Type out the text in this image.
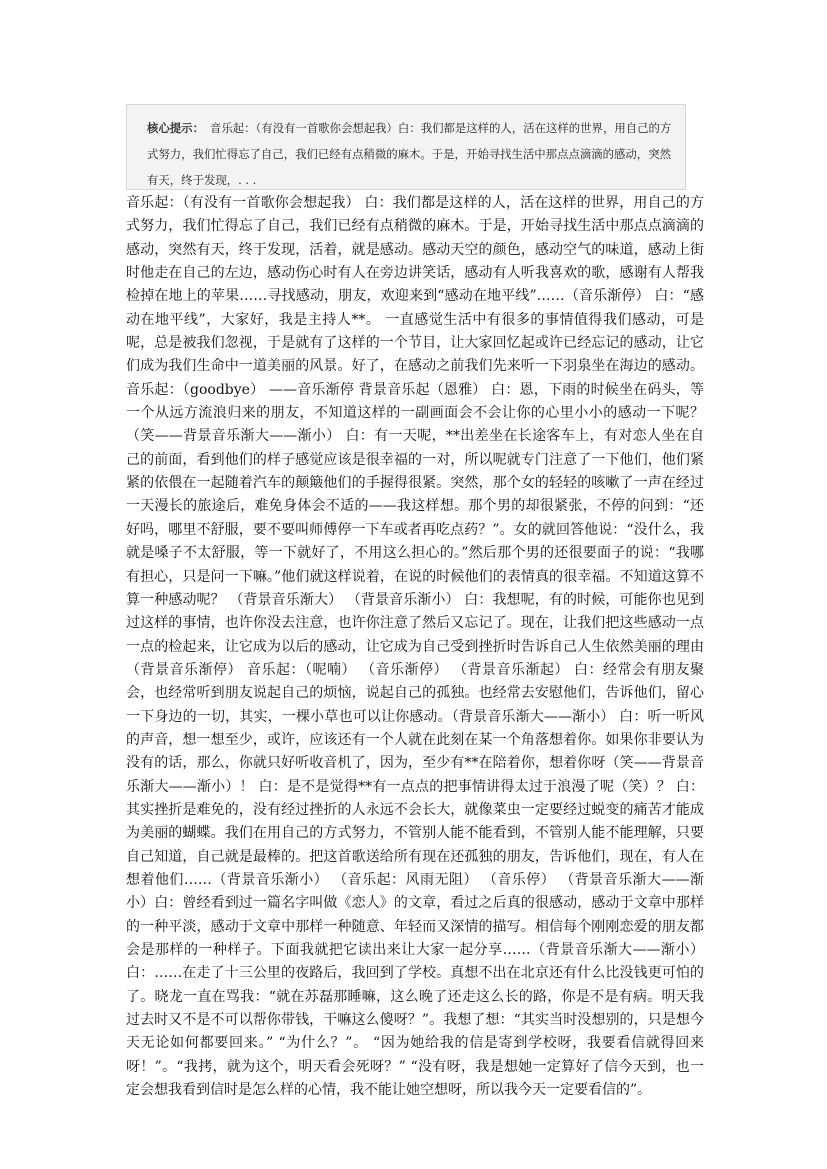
核心提示： 音乐起：（有没有一首歌你会想起我）白：我们都是这样的人，活在这样的世界，用自己的方式努力，我们忙得忘了自己，我们已经有点稍微的麻木。于是，开始寻找生活中那点点滴滴的感动，突然有天，终于发现，. . .

音乐起：（有没有一首歌你会想起我） 白：我们都是这样的人，活在这样的世界，用自己的方式努力，我们忙得忘了自己，我们已经有点稍微的麻木。于是，开始寻找生活中那点点滴滴的感动，突然有天，终于发现，活着，就是感动。感动天空的颜色，感动空气的味道，感动上街时他走在自己的左边，感动伤心时有人在旁边讲笑话，感动有人听我喜欢的歌，感谢有人帮我检掉在地上的苹果……寻找感动，朋友，欢迎来到“感动在地平线”……（音乐渐停） 白：“感动在地平线”，大家好，我是主持人**。 一直感觉生活中有很多的事情值得我们感动，可是呢，总是被我们忽视，于是就有了这样的一个节目，让大家回忆起或许已经忘记的感动，让它们成为我们生命中一道美丽的风景。好了，在感动之前我们先来听一下羽泉坐在海边的感动。音乐起：（goodbye） ——音乐渐停 背景音乐起（恩雅） 白：恩，下雨的时候坐在码头，等一个从远方流浪归来的朋友，不知道这样的一副画面会不会让你的心里小小的感动一下呢？ （笑——背景音乐渐大——渐小） 白：有一天呢，**出差坐在长途客车上，有对恋人坐在自己的前面，看到他们的样子感觉应该是很幸福的一对，所以呢就专门注意了一下他们，他们紧紧的依偎在一起随着汽车的颠簸他们的手握得很紧。突然，那个女的轻轻的咳嗽了一声在经过一天漫长的旅途后，难免身体会不适的——我这样想。那个男的却很紧张，不停的问到：“还好吗，哪里不舒服，要不要叫师傅停一下车或者再吃点药？”。女的就回答他说：“没什么，我就是嗓子不太舒服，等一下就好了，不用这么担心的。”然后那个男的还很要面子的说：“我哪有担心，只是问一下嘛。”他们就这样说着，在说的时候他们的表情真的很幸福。不知道这算不算一种感动呢？ （背景音乐渐大） （背景音乐渐小） 白：我想呢，有的时候，可能你也见到过这样的事情，也许你没去注意，也许你注意了然后又忘记了。现在，让我们把这些感动一点一点的检起来，让它成为以后的感动，让它成为自己受到挫折时告诉自己人生依然美丽的理由（背景音乐渐停） 音乐起：（呢喃） （音乐渐停） （背景音乐渐起） 白：经常会有朋友聚会，也经常听到朋友说起自己的烦恼，说起自己的孤独。也经常去安慰他们，告诉他们，留心一下身边的一切，其实，一棵小草也可以让你感动。（背景音乐渐大——渐小） 白：听一听风的声音，想一想至少，或许，应该还有一个人就在此刻在某一个角落想着你。如果你非要认为没有的话，那么，你就只好听收音机了，因为，至少有**在陪着你，想着你呀（笑——背景音乐渐大——渐小）！ 白：是不是觉得**有一点点的把事情讲得太过于浪漫了呢（笑）？ 白：其实挫折是难免的，没有经过挫折的人永远不会长大，就像菜虫一定要经过蜕变的痛苦才能成为美丽的蝴蝶。我们在用自己的方式努力，不管别人能不能看到，不管别人能不能理解，只要自己知道，自己就是最棒的。把这首歌送给所有现在还孤独的朋友，告诉他们，现在，有人在想着他们……（背景音乐渐小） （音乐起：风雨无阻） （音乐停） （背景音乐渐大——渐小）白：曾经看到过一篇名字叫做《恋人》的文章，看过之后真的很感动，感动于文章中那样的一种平淡，感动于文章中那样一种随意、年轻而又深情的描写。相信每个刚刚恋爱的朋友都会是那样的一种样子。下面我就把它读出来让大家一起分享……（背景音乐渐大——渐小） 白：……在走了十三公里的夜路后，我回到了学校。真想不出在北京还有什么比没钱更可怕的了。晓龙一直在骂我：“就在苏磊那睡嘛，这么晚了还走这么长的路，你是不是有病。明天我过去时又不是不可以帮你带钱，干嘛这么傻呀？”。我想了想：“其实当时没想别的，只是想今天无论如何都要回来。” “为什么？”。 “因为她给我的信是寄到学校呀，我要看信就得回来呀！”。“我拷，就为这个，明天看会死呀？” “没有呀，我是想她一定算好了信今天到，也一定会想我看到信时是怎么样的心情，我不能让她空想呀，所以我今天一定要看信的”。
